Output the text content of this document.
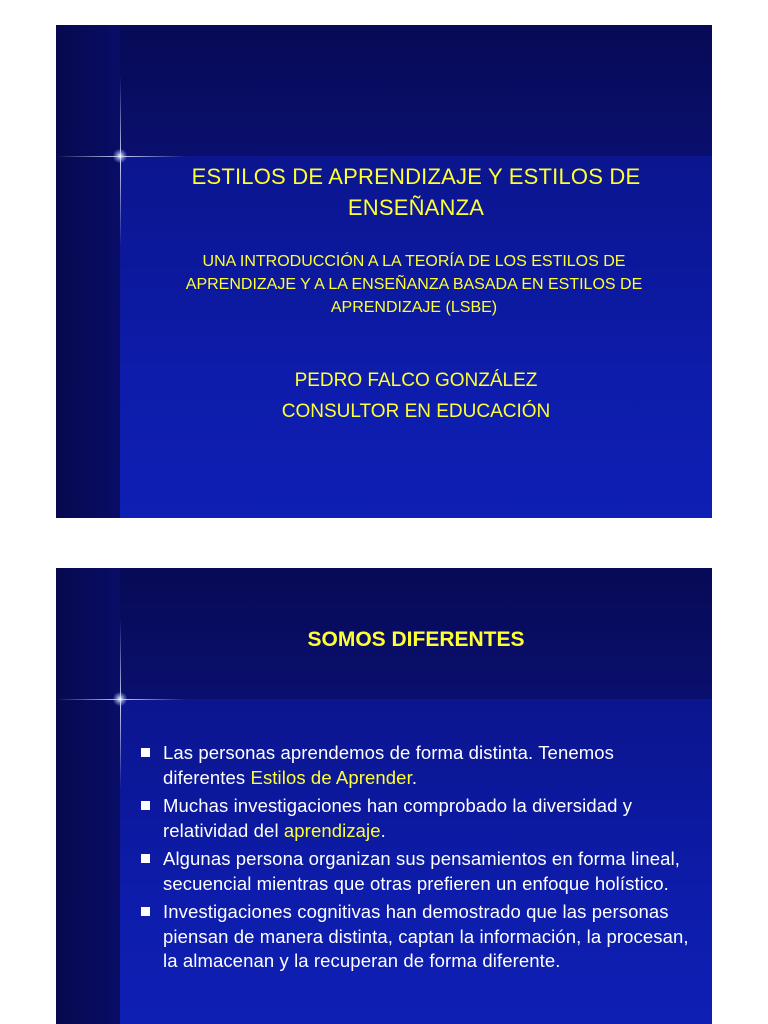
ESTILOS DE APRENDIZAJE Y ESTILOS DE
ENSEÑANZA
UNA INTRODUCCIÓN A LA TEORÍA DE LOS ESTILOS DE
APRENDIZAJE Y A LA ENSEÑANZA BASADA EN ESTILOS DE
APRENDIZAJE (LSBE)
PEDRO FALCO GONZÁLEZ
CONSULTOR EN EDUCACIÓN
SOMOS DIFERENTES
Las personas aprendemos de forma distinta. Tenemos diferentes Estilos de Aprender.
Muchas investigaciones han comprobado la diversidad y relatividad del aprendizaje.
Algunas persona organizan sus pensamientos en forma lineal, secuencial mientras que otras prefieren un enfoque holístico.
Investigaciones cognitivas han demostrado que las personas piensan de manera distinta, captan la información, la procesan, la almacenan y la recuperan de forma diferente.
